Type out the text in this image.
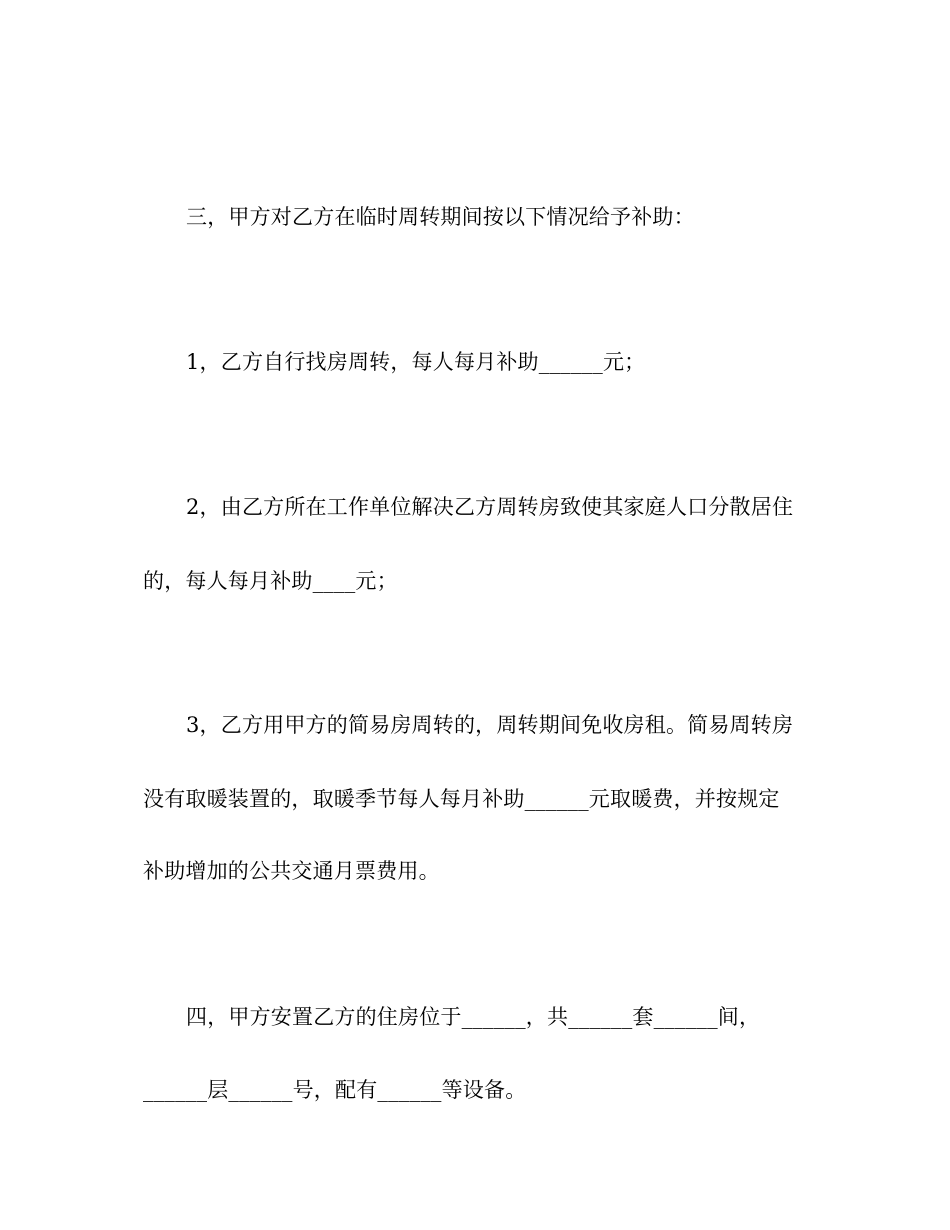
三，甲方对乙方在临时周转期间按以下情况给予补助：
1，乙方自行找房周转，每人每月补助______元；
2，由乙方所在工作单位解决乙方周转房致使其家庭人口分散居住
的，每人每月补助____元；
3，乙方用甲方的简易房周转的，周转期间免收房租。简易周转房
没有取暖装置的，取暖季节每人每月补助______元取暖费，并按规定
补助增加的公共交通月票费用。
四，甲方安置乙方的住房位于______，共______套______间，
______层______号，配有______等设备。
